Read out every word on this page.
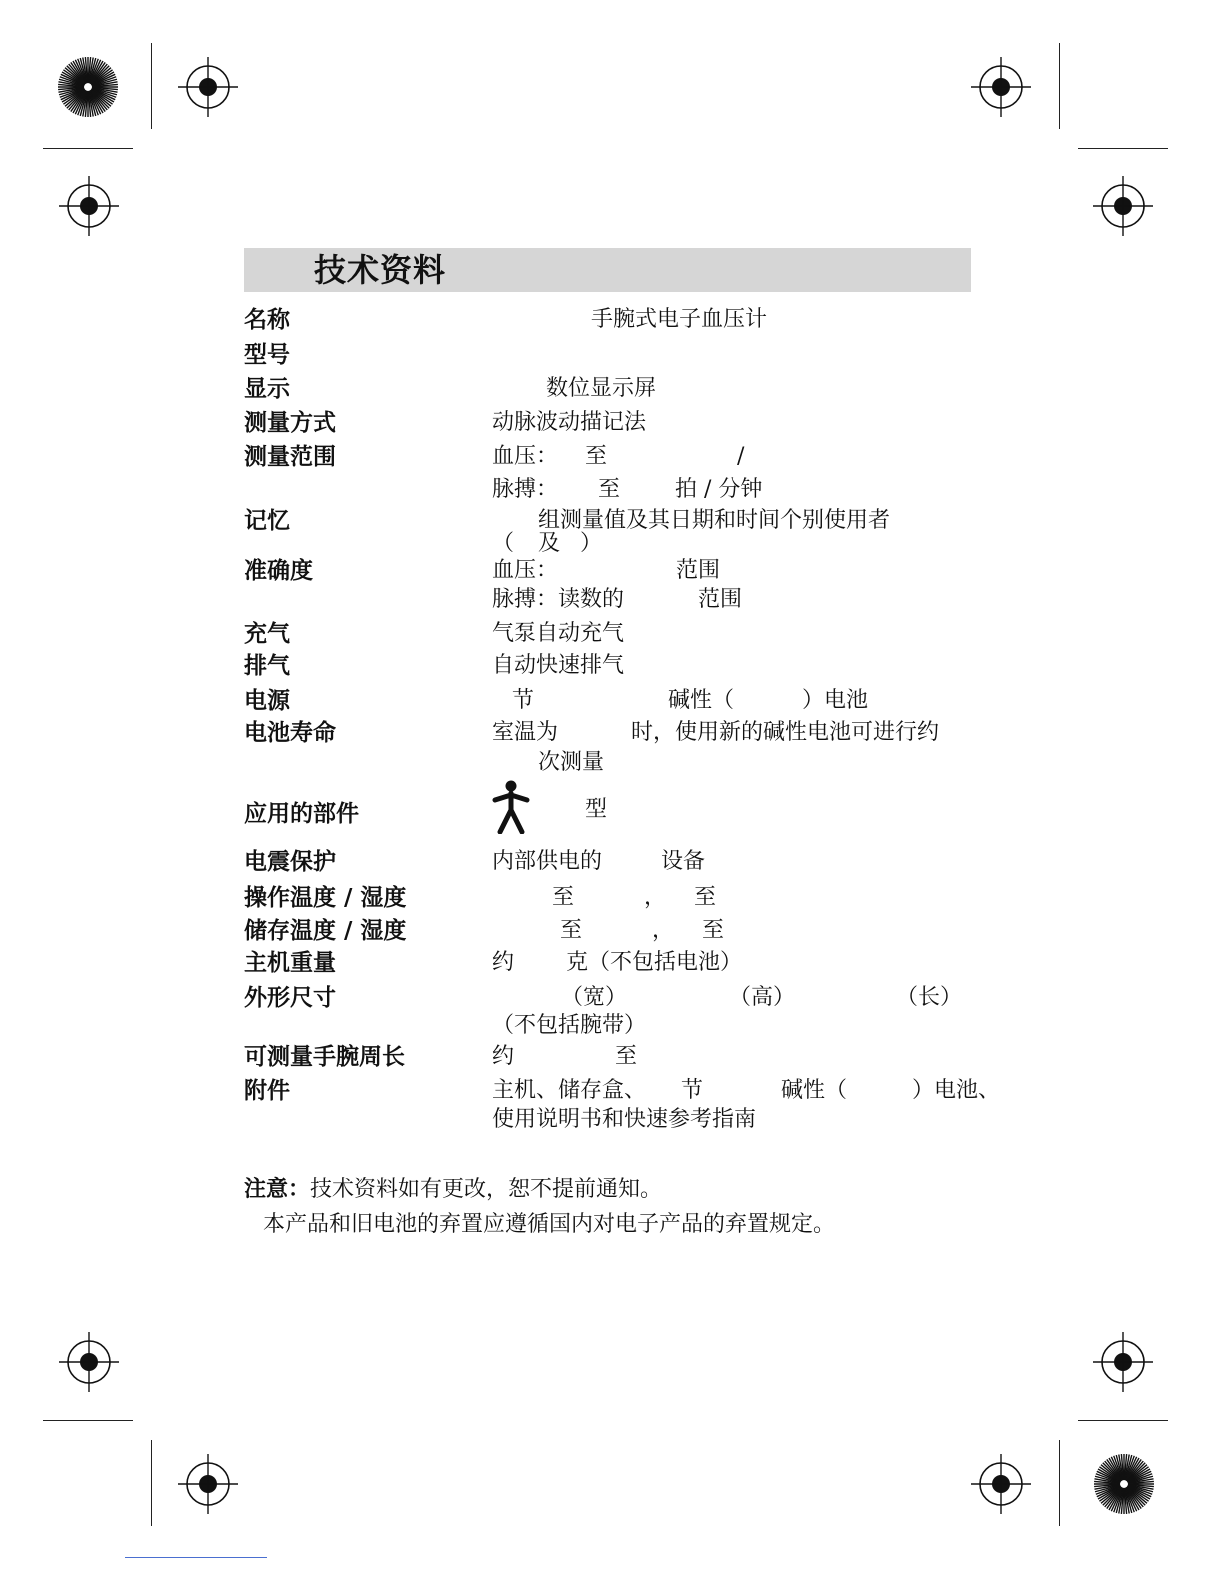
技术资料
名称	手腕式电子血压计
型号
显示	数位显示屏
测量方式	动脉波动描记法
测量范围	血压： 至	/
脉搏： 至 拍 / 分钟
记忆	组测量值及其日期和时间个别使用者
（ 及 ）
准确度	血压：	范围
脉搏：读数的	范围
充气	气泵自动充气
排气	自动快速排气
电源	节	碱性（	）电池
电池寿命	室温为	时，使用新的碱性电池可进行约
次测量
应用的部件	型
电震保护	内部供电的	设备
操作温度 / 湿度	至	， 至
储存温度 / 湿度	至	， 至
主机重量	约 克（不包括电池）
外形尺寸	（宽）	（高）	（长）
（不包括腕带）
可测量手腕周长	约	至
附件	主机、储存盒、 节	碱性（	）电池、
使用说明书和快速参考指南
注意：技术资料如有更改，恕不提前通知。
本产品和旧电池的弃置应遵循国内对电子产品的弃置规定。
